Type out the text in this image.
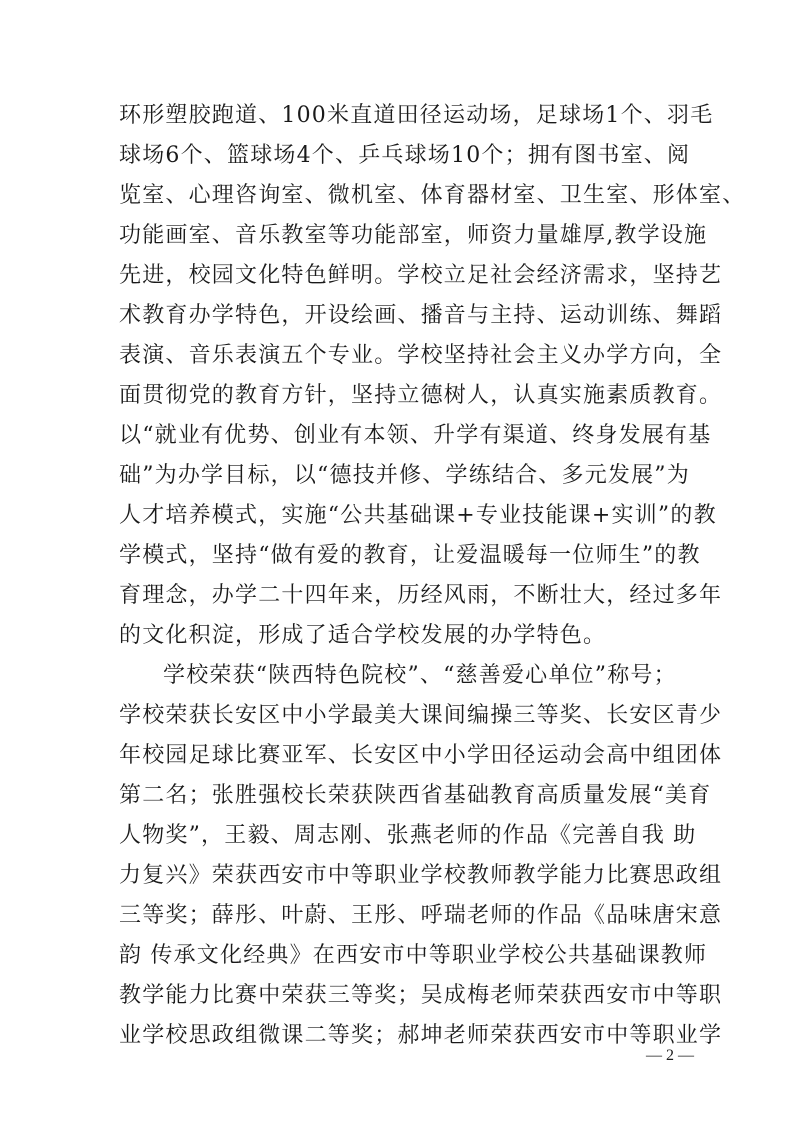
环形塑胶跑道、100米直道田径运动场，足球场1个、羽毛
球场6个、篮球场4个、乒乓球场10个；拥有图书室、阅
览室、心理咨询室、微机室、体育器材室、卫生室、形体室、
功能画室、音乐教室等功能部室，师资力量雄厚,教学设施
先进，校园文化特色鲜明。学校立足社会经济需求，坚持艺
术教育办学特色，开设绘画、播音与主持、运动训练、舞蹈
表演、音乐表演五个专业。学校坚持社会主义办学方向，全
面贯彻党的教育方针，坚持立德树人，认真实施素质教育。
以“就业有优势、创业有本领、升学有渠道、终身发展有基
础”为办学目标，以“德技并修、学练结合、多元发展”为
人才培养模式，实施“公共基础课+专业技能课+实训”的教
学模式，坚持“做有爱的教育，让爱温暖每一位师生”的教
育理念，办学二十四年来，历经风雨，不断壮大，经过多年
的文化积淀，形成了适合学校发展的办学特色。
学校荣获“陕西特色院校”、“慈善爱心单位”称号；
学校荣获长安区中小学最美大课间编操三等奖、长安区青少
年校园足球比赛亚军、长安区中小学田径运动会高中组团体
第二名；张胜强校长荣获陕西省基础教育高质量发展“美育
人物奖”，王毅、周志刚、张燕老师的作品《完善自我 助
力复兴》荣获西安市中等职业学校教师教学能力比赛思政组
三等奖；薛彤、叶蔚、王彤、呼瑞老师的作品《品味唐宋意
韵 传承文化经典》在西安市中等职业学校公共基础课教师
教学能力比赛中荣获三等奖；吴成梅老师荣获西安市中等职
业学校思政组微课二等奖；郝坤老师荣获西安市中等职业学
— 2 —
